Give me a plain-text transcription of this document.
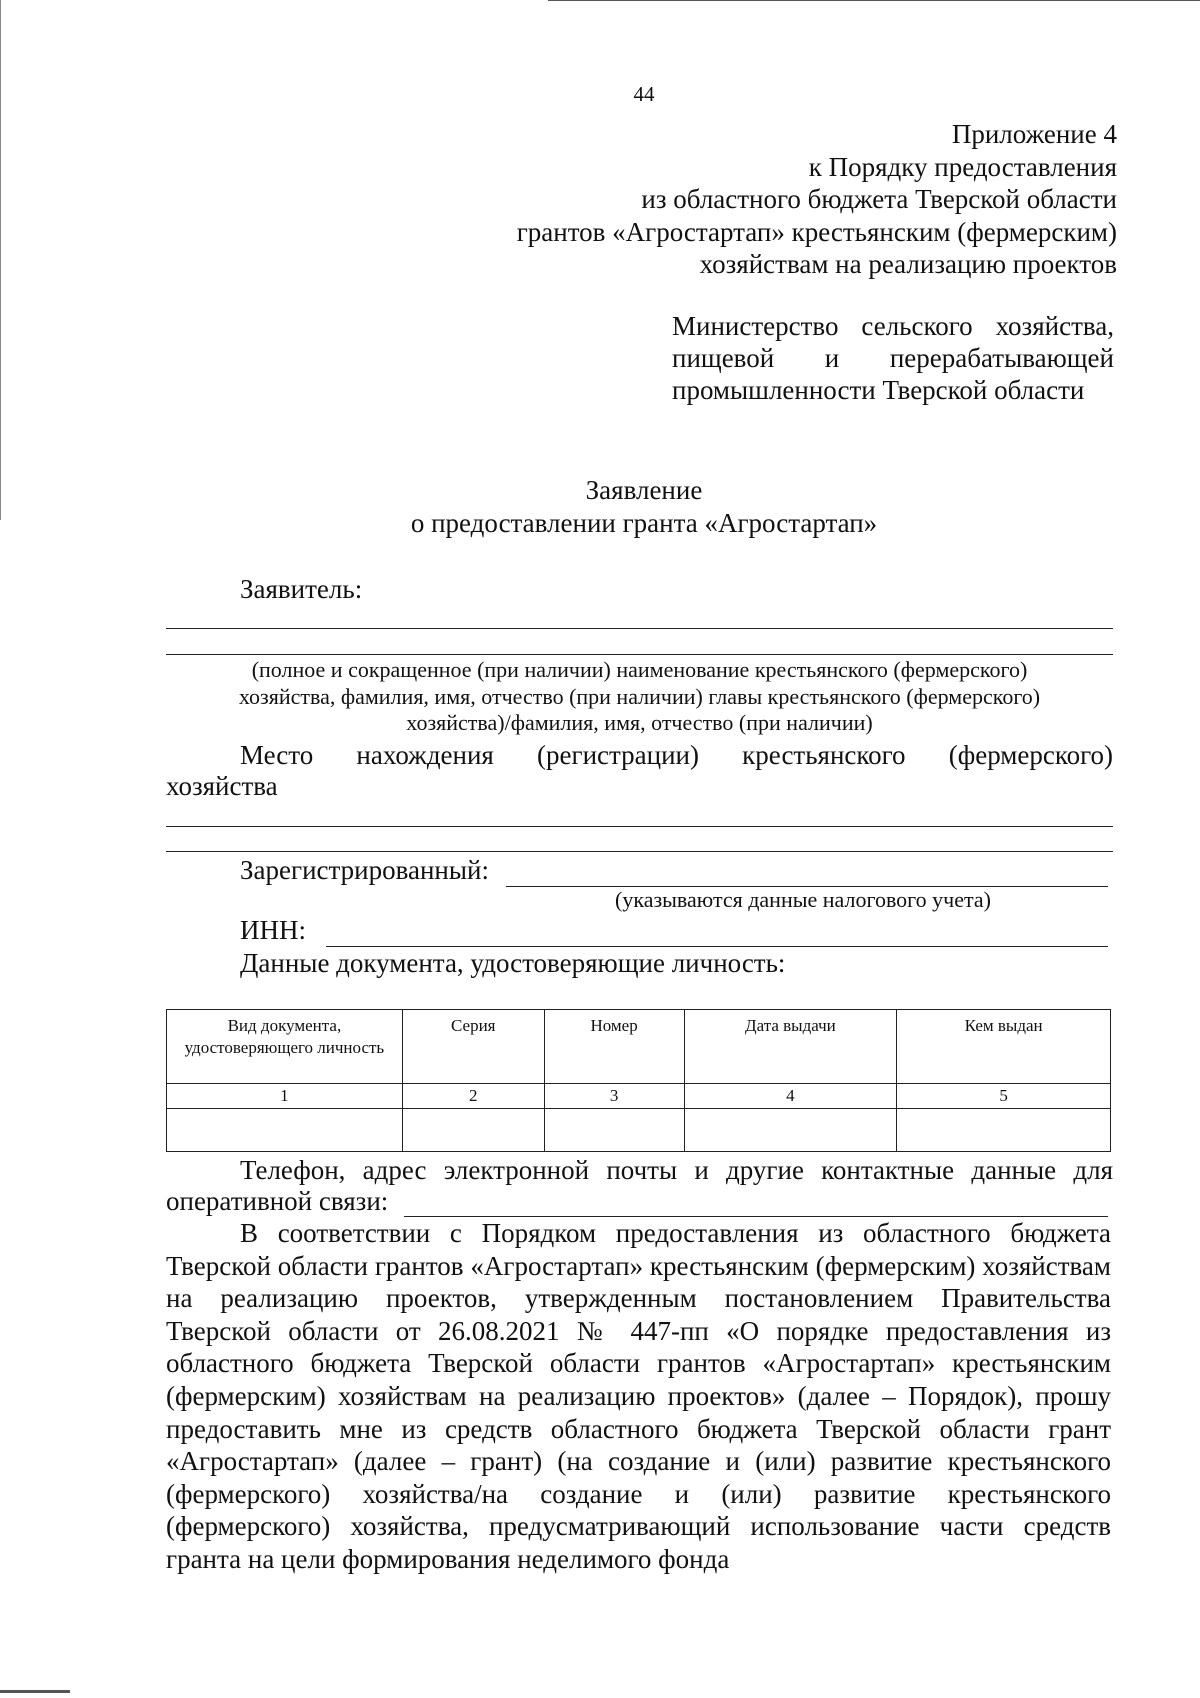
44
Приложение 4
к Порядку предоставления
из областного бюджета Тверской области
грантов «Агростартап» крестьянским (фермерским)
хозяйствам на реализацию проектов
Министерство сельского хозяйства,
пищевой и перерабатывающей
промышленности Тверской области
Заявление
о предоставлении гранта «Агростартап»
Заявитель:
(полное и сокращенное (при наличии) наименование крестьянского (фермерского)
хозяйства, фамилия, имя, отчество (при наличии) главы крестьянского (фермерского)
хозяйства)/фамилия, имя, отчество (при наличии)
Место нахождения (регистрации) крестьянского (фермерского)
хозяйства
Зарегистрированный:
(указываются данные налогового учета)
ИНН:
Данные документа, удостоверяющие личность:
Вид документа, удостоверяющего личность	Серия	Номер	Дата выдачи	Кем выдан
1	2	3	4	5

Телефон, адрес электронной почты и другие контактные данные для
оперативной связи:
В соответствии с Порядком предоставления из областного бюджета Тверской области грантов «Агростартап» крестьянским (фермерским) хозяйствам на реализацию проектов, утвержденным постановлением Правительства Тверской области от 26.08.2021 № 447-пп «О порядке предоставления из областного бюджета Тверской области грантов «Агростартап» крестьянским (фермерским) хозяйствам на реализацию проектов» (далее – Порядок), прошу предоставить мне из средств областного бюджета Тверской области грант «Агростартап» (далее – грант) (на создание и (или) развитие крестьянского (фермерского) хозяйства/на создание и (или) развитие крестьянского (фермерского) хозяйства, предусматривающий использование части средств гранта на цели формирования неделимого фонда
